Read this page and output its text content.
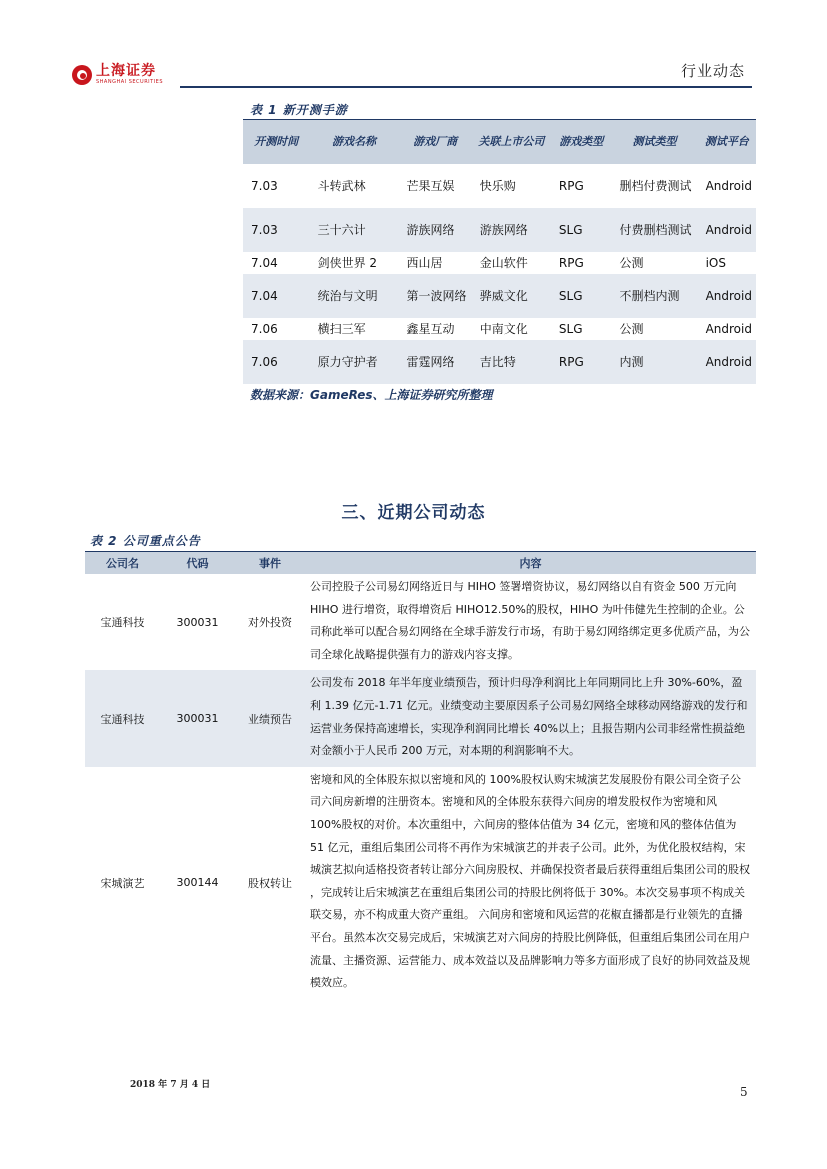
上海证券
SHANGHAI SECURITIES
行业动态
表 1 新开测手游
开测时间	游戏名称	游戏厂商	关联上市公司	游戏类型	测试类型	测试平台
7.03	斗转武林	芒果互娱	快乐购	RPG	删档付费测试	Android
7.03	三十六计	游族网络	游族网络	SLG	付费删档测试	Android
7.04	剑侠世界 2	西山居	金山软件	RPG	公测	iOS
7.04	统治与文明	第一波网络	骅威文化	SLG	不删档内测	Android
7.06	横扫三军	鑫星互动	中南文化	SLG	公测	Android
7.06	原力守护者	雷霆网络	吉比特	RPG	内测	Android
数据来源：GameRes、上海证券研究所整理
三、近期公司动态
表 2 公司重点公告
公司名	代码	事件	内容
宝通科技	300031	对外投资	公司控股子公司易幻网络近日与 HIHO 签署增资协议，易幻网络以自有资金 500 万元向 HIHO 进行增资，取得增资后 HIHO12.50%的股权，HIHO 为叶伟健先生控制的企业。公司称此举可以配合易幻网络在全球手游发行市场，有助于易幻网络绑定更多优质产品，为公司全球化战略提供强有力的游戏内容支撑。
宝通科技	300031	业绩预告	公司发布 2018 年半年度业绩预告，预计归母净利润比上年同期同比上升 30%-60%，盈利 1.39 亿元-1.71 亿元。业绩变动主要原因系子公司易幻网络全球移动网络游戏的发行和运营业务保持高速增长，实现净利润同比增长 40%以上；且报告期内公司非经常性损益绝对金额小于人民币 200 万元，对本期的利润影响不大。
宋城演艺	300144	股权转让	密境和风的全体股东拟以密境和风的 100%股权认购宋城演艺发展股份有限公司全资子公司六间房新增的注册资本。密境和风的全体股东获得六间房的增发股权作为密境和风 100%股权的对价。本次重组中，六间房的整体估值为 34 亿元，密境和风的整体估值为 51 亿元，重组后集团公司将不再作为宋城演艺的并表子公司。此外，为优化股权结构，宋城演艺拟向适格投资者转让部分六间房股权、并确保投资者最后获得重组后集团公司的股权 ，完成转让后宋城演艺在重组后集团公司的持股比例将低于 30%。本次交易事项不构成关联交易，亦不构成重大资产重组。 六间房和密境和风运营的花椒直播都是行业领先的直播平台。虽然本次交易完成后，宋城演艺对六间房的持股比例降低，但重组后集团公司在用户流量、主播资源、运营能力、成本效益以及品牌影响力等多方面形成了良好的协同效益及规模效应。
2018 年 7 月 4 日	5
